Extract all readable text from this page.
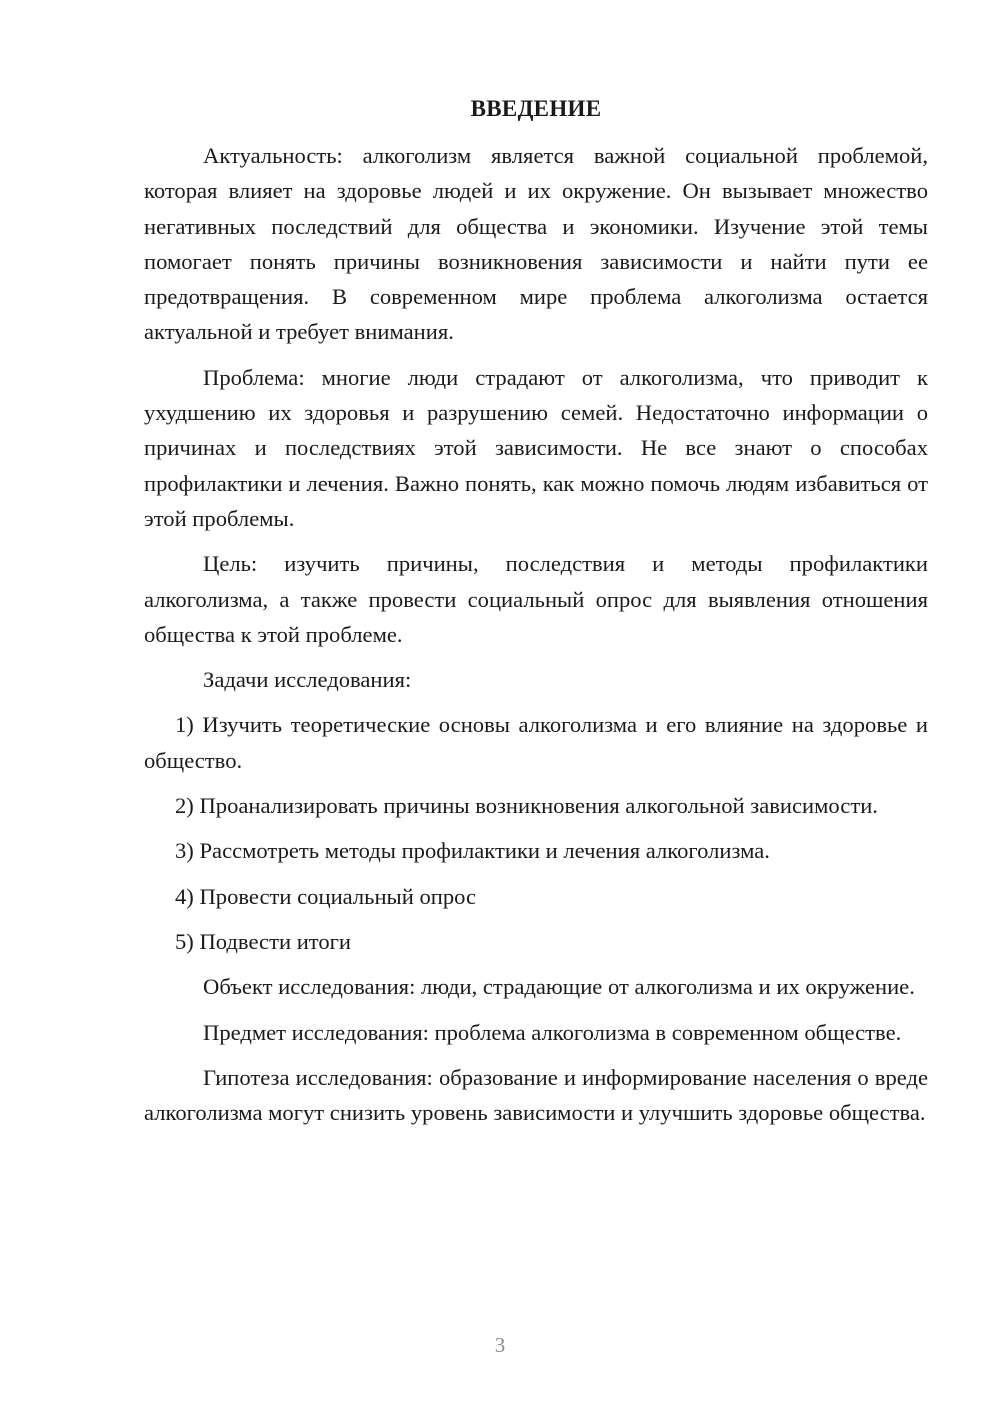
ВВЕДЕНИЕ

Актуальность: алкоголизм является важной социальной проблемой, которая влияет на здоровье людей и их окружение. Он вызывает множество негативных последствий для общества и экономики. Изучение этой темы помогает понять причины возникновения зависимости и найти пути ее предотвращения. В современном мире проблема алкоголизма остается актуальной и требует внимания.

Проблема: многие люди страдают от алкоголизма, что приводит к ухудшению их здоровья и разрушению семей. Недостаточно информации о причинах и последствиях этой зависимости. Не все знают о способах профилактики и лечения. Важно понять, как можно помочь людям избавиться от этой проблемы.

Цель: изучить причины, последствия и методы профилактики алкоголизма, а также провести социальный опрос для выявления отношения общества к этой проблеме.

Задачи исследования:

1) Изучить теоретические основы алкоголизма и его влияние на здоровье и общество.

2) Проанализировать причины возникновения алкогольной зависимости.

3) Рассмотреть методы профилактики и лечения алкоголизма.

4) Провести социальный опрос

5) Подвести итоги

Объект исследования: люди, страдающие от алкоголизма и их окружение.

Предмет исследования: проблема алкоголизма в современном обществе.

Гипотеза исследования: образование и информирование населения о вреде алкоголизма могут снизить уровень зависимости и улучшить здоровье общества.

3
